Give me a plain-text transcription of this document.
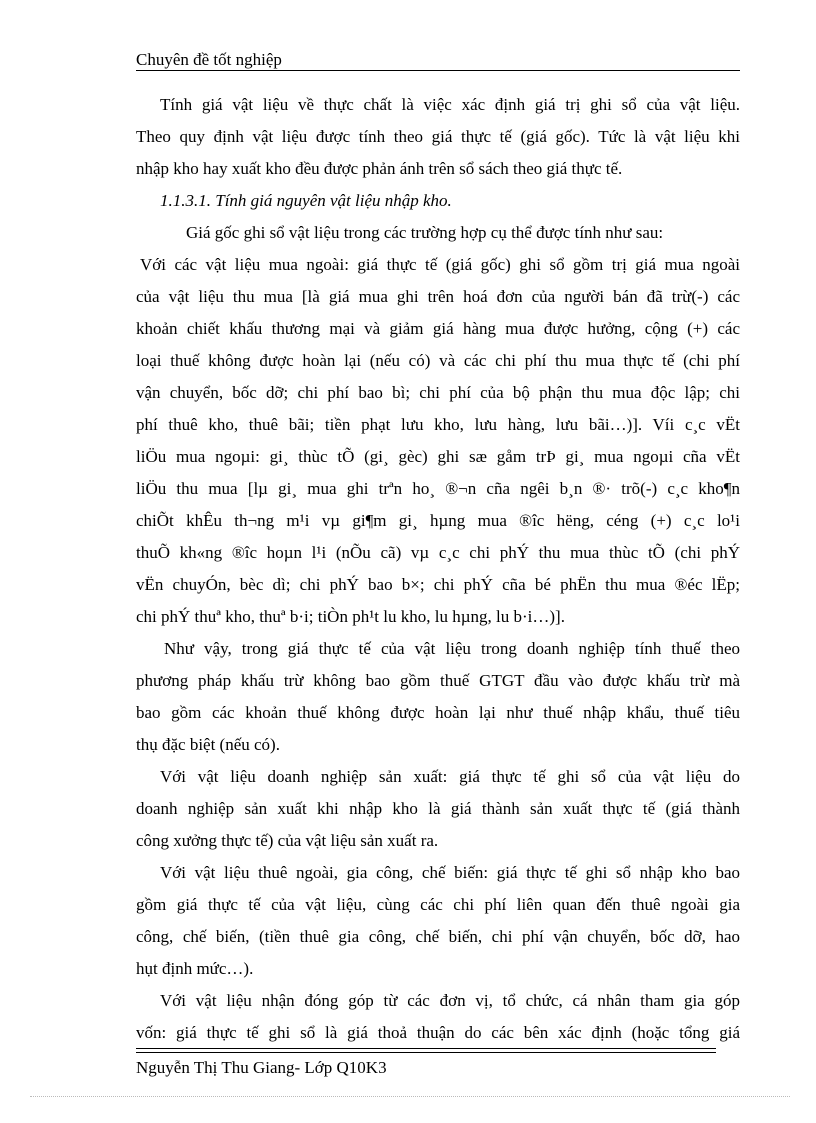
Chuyên đề tốt nghiệp
Tính giá vật liệu về thực chất là việc xác định giá trị ghi sổ của vật liệu.
Theo quy định vật liệu được tính theo giá thực tế (giá gốc). Tức là vật liệu khi
nhập kho hay xuất kho đều được phản ánh trên sổ sách theo giá thực tế.
1.1.3.1. Tính giá nguyên vật liệu nhập kho.
Giá gốc ghi sổ vật liệu trong các trường hợp cụ thể được tính như sau:
Với các vật liệu mua ngoài: giá thực tế (giá gốc) ghi sổ gồm trị giá mua ngoài
của vật liệu thu mua [là giá mua ghi trên hoá đơn của người bán đã trừ(-) các
khoản chiết khấu thương mại và giảm giá hàng mua được hưởng, cộng (+) các
loại thuế không được hoàn lại (nếu có) và các chi phí thu mua thực tế (chi phí
vận chuyển, bốc dỡ; chi phí bao bì; chi phí của bộ phận thu mua độc lập; chi
phí thuê kho, thuê bãi; tiền phạt lưu kho, lưu hàng, lưu bãi…)]. Víi c¸c vËt
liÖu mua ngoµi: gi¸ thùc tÕ (gi¸ gèc) ghi sæ gåm trÞ gi¸ mua ngoµi cña vËt
liÖu thu mua [lµ gi¸ mua ghi trªn ho¸ ®¬n cña ngêi b¸n ®· trõ(-) c¸c kho¶n
chiÕt khÊu th¬ng m¹i vµ gi¶m gi¸ hµng mua ®îc hëng, céng (+) c¸c lo¹i
thuÕ kh«ng ®îc hoµn l¹i (nÕu cã) vµ c¸c chi phÝ thu mua thùc tÕ (chi phÝ
vËn chuyÓn, bèc dì; chi phÝ bao b×; chi phÝ cña bé phËn thu mua ®éc lËp;
chi phÝ thuª kho, thuª b·i; tiÒn ph¹t lu kho, lu hµng, lu b·i…)].
Như vậy, trong giá thực tế của vật liệu trong doanh nghiệp tính thuế theo
phương pháp khấu trừ không bao gồm thuế GTGT đầu vào được khấu trừ mà
bao gồm các khoản thuế không được hoàn lại như thuế nhập khẩu, thuế tiêu
thụ đặc biệt (nếu có).
Với vật liệu doanh nghiệp sản xuất: giá thực tế ghi sổ của vật liệu do
doanh nghiệp sản xuất khi nhập kho là giá thành sản xuất thực tế (giá thành
công xưởng thực tế) của vật liệu sản xuất ra.
Với vật liệu thuê ngoài, gia công, chế biến: giá thực tế ghi sổ nhập kho bao
gồm giá thực tế của vật liệu, cùng các chi phí liên quan đến thuê ngoài gia
công, chế biến, (tiền thuê gia công, chế biến, chi phí vận chuyển, bốc dỡ, hao
hụt định mức…).
Với vật liệu nhận đóng góp từ các đơn vị, tổ chức, cá nhân tham gia góp
vốn: giá thực tế ghi sổ là giá thoả thuận do các bên xác định (hoặc tổng giá
Nguyễn Thị Thu Giang- Lớp Q10K3
